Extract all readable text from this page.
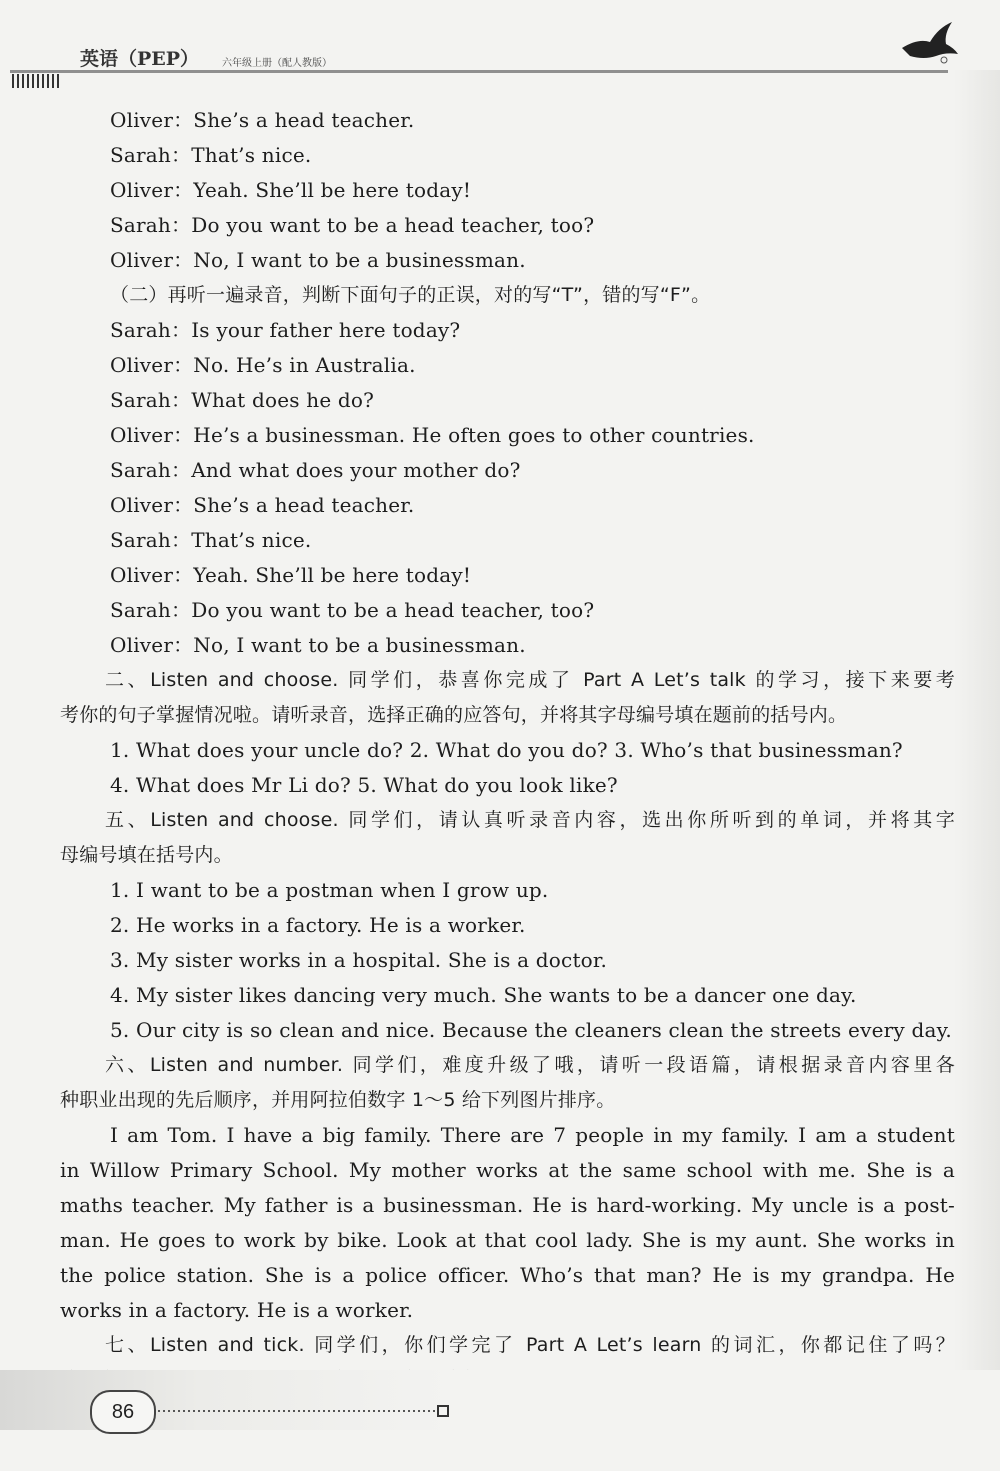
英语（PEP） 六年级上册（配人教版）
Oliver：She’s a head teacher.
Sarah：That’s nice.
Oliver：Yeah. She’ll be here today!
Sarah：Do you want to be a head teacher, too?
Oliver：No, I want to be a businessman.
（二）再听一遍录音，判断下面句子的正误，对的写“T”，错的写“F”。
Sarah：Is your father here today?
Oliver：No. He’s in Australia.
Sarah：What does he do?
Oliver：He’s a businessman. He often goes to other countries.
Sarah：And what does your mother do?
Oliver：She’s a head teacher.
Sarah：That’s nice.
Oliver：Yeah. She’ll be here today!
Sarah：Do you want to be a head teacher, too?
Oliver：No, I want to be a businessman.
二、Listen and choose. 同学们，恭喜你完成了 Part A Let’s talk 的学习，接下来要考
考你的句子掌握情况啦。请听录音，选择正确的应答句，并将其字母编号填在题前的括号内。
1. What does your uncle do? 2. What do you do? 3. Who’s that businessman?
4. What does Mr Li do? 5. What do you look like?
五、Listen and choose. 同学们，请认真听录音内容，选出你所听到的单词，并将其字
母编号填在括号内。
1. I want to be a postman when I grow up.
2. He works in a factory. He is a worker.
3. My sister works in a hospital. She is a doctor.
4. My sister likes dancing very much. She wants to be a dancer one day.
5. Our city is so clean and nice. Because the cleaners clean the streets every day.
六、Listen and number. 同学们，难度升级了哦，请听一段语篇，请根据录音内容里各
种职业出现的先后顺序，并用阿拉伯数字 1～5 给下列图片排序。
I am Tom. I have a big family. There are 7 people in my family. I am a student
in Willow Primary School. My mother works at the same school with me. She is a
maths teacher. My father is a businessman. He is hard-working. My uncle is a post-
man. He goes to work by bike. Look at that cool lady. She is my aunt. She works in
the police station. She is a police officer. Who’s that man? He is my grandpa. He
works in a factory. He is a worker.
七、Listen and tick. 同学们，你们学完了 Part A Let’s learn 的词汇，你都记住了吗？
86
